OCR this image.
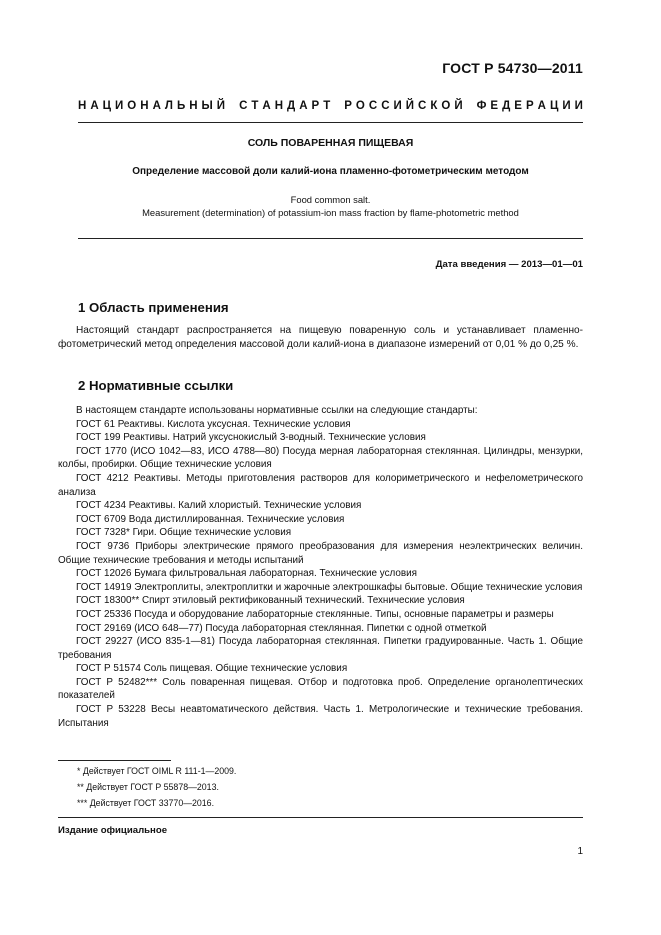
ГОСТ Р 54730—2011
Н А Ц И О Н А Л Ь Н Ы Й
С Т А Н Д А Р Т
Р О С С И Й С К О Й
Ф Е Д Е Р А Ц И И
СОЛЬ ПОВАРЕННАЯ ПИЩЕВАЯ
Определение массовой доли калий-иона пламенно-фотометрическим методом
Food common salt.
Measurement (determination) of potassium-ion mass fraction by flame-photometric method
Дата введения — 2013—01—01
1 Область применения
Настоящий стандарт распространяется на пищевую поваренную соль и устанавливает пламенно-фотометрический метод определения массовой доли калий-иона в диапазоне измерений от 0,01 % до 0,25 %.
2 Нормативные ссылки
В настоящем стандарте использованы нормативные ссылки на следующие стандарты:
ГОСТ 61 Реактивы. Кислота уксусная. Технические условия
ГОСТ 199 Реактивы. Натрий уксуснокислый 3-водный. Технические условия
ГОСТ 1770 (ИСО 1042—83, ИСО 4788—80) Посуда мерная лабораторная стеклянная. Цилиндры, мензурки, колбы, пробирки. Общие технические условия
ГОСТ 4212 Реактивы. Методы приготовления растворов для колориметрического и нефелометрического анализа
ГОСТ 4234 Реактивы. Калий хлористый. Технические условия
ГОСТ 6709 Вода дистиллированная. Технические условия
ГОСТ 7328* Гири. Общие технические условия
ГОСТ 9736 Приборы электрические прямого преобразования для измерения неэлектрических величин. Общие технические требования и методы испытаний
ГОСТ 12026 Бумага фильтровальная лабораторная. Технические условия
ГОСТ 14919 Электроплиты, электроплитки и жарочные электрошкафы бытовые. Общие технические условия
ГОСТ 18300** Спирт этиловый ректификованный технический. Технические условия
ГОСТ 25336 Посуда и оборудование лабораторные стеклянные. Типы, основные параметры и размеры
ГОСТ 29169 (ИСО 648—77) Посуда лабораторная стеклянная. Пипетки с одной отметкой
ГОСТ 29227 (ИСО 835-1—81) Посуда лабораторная стеклянная. Пипетки градуированные. Часть 1. Общие требования
ГОСТ Р 51574 Соль пищевая. Общие технические условия
ГОСТ Р 52482*** Соль поваренная пищевая. Отбор и подготовка проб. Определение органолептических показателей
ГОСТ Р 53228 Весы неавтоматического действия. Часть 1. Метрологические и технические требования. Испытания
* Действует ГОСТ OIML R 111-1—2009.
** Действует ГОСТ Р 55878—2013.
*** Действует ГОСТ 33770—2016.
Издание официальное
1
